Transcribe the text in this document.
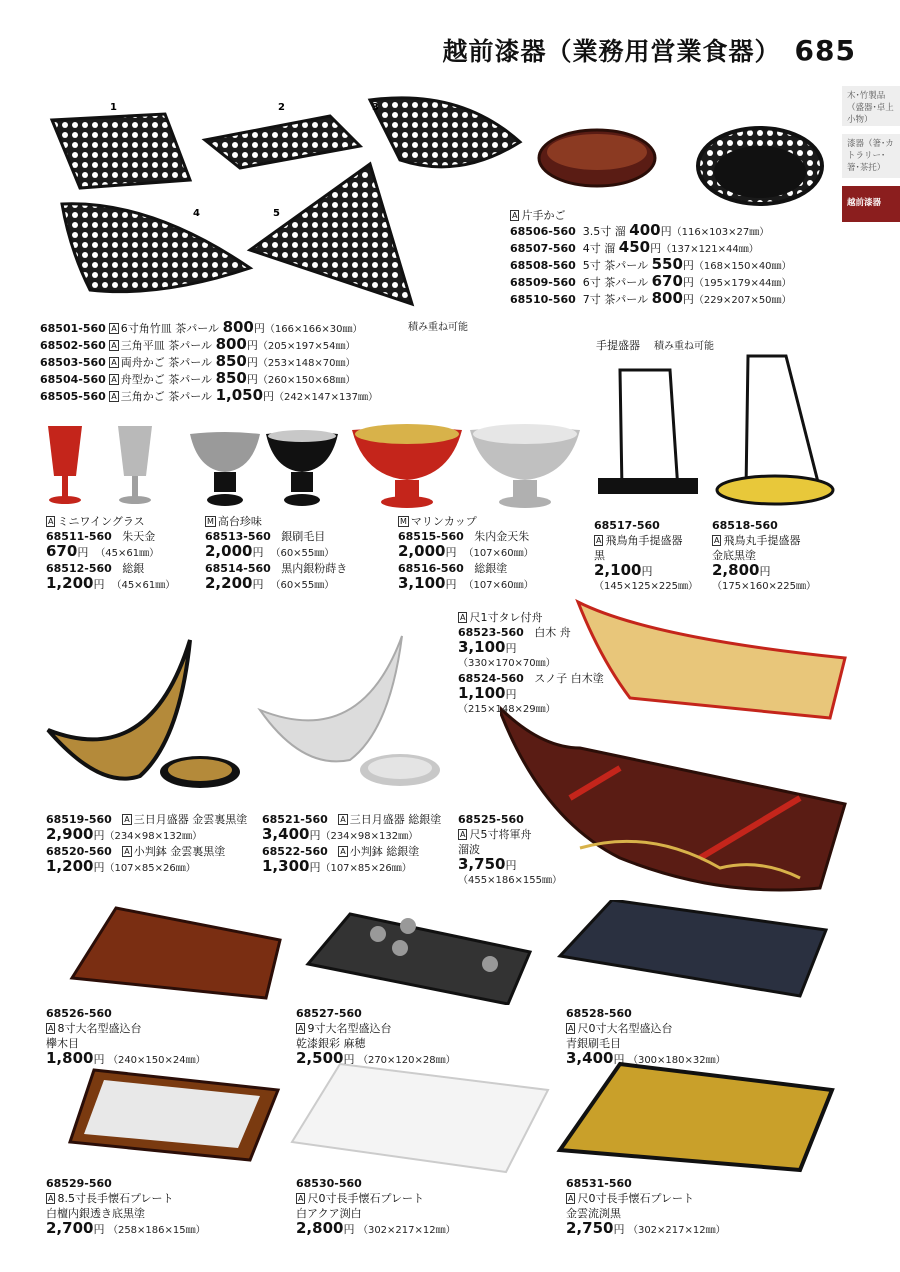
越前漆器（業務用営業食器） 685
木･竹製品（盛器･卓上小物）
漆器（箸･カトラリー･箸･茶托）
越前漆器
1	2	3
4	5
積み重ね可能
68501-560 A 6寸角竹皿 茶パール 800円（166×166×30㎜）
68502-560 A 三角平皿 茶パール 800円（205×197×54㎜）
68503-560 A 両舟かご 茶パール 850円（253×148×70㎜）
68504-560 A 舟型かご 茶パール 850円（260×150×68㎜）
68505-560 A 三角かご 茶パール 1,050円（242×147×137㎜）
A 片手かご
68506-560 3.5寸 溜 400円（116×103×27㎜）
68507-560 4寸 溜 450円（137×121×44㎜）
68508-560 5寸 茶パール 550円（168×150×40㎜）
68509-560 6寸 茶パール 670円（195×179×44㎜）
68510-560 7寸 茶パール 800円（229×207×50㎜）
手提盛器 積み重ね可能
A ミニワイングラス
68511-560 朱天金
670円 （45×61㎜）
68512-560 総銀
1,200円 （45×61㎜）
M 高台珍味
68513-560 銀刷毛目
2,000円 （60×55㎜）
68514-560 黒内銀粉蒔き
2,200円 （60×55㎜）
M マリンカップ
68515-560 朱内金天朱
2,000円 （107×60㎜）
68516-560 総銀塗
3,100円 （107×60㎜）
68517-560
A 飛鳥角手提盛器
黒
2,100円
（145×125×225㎜）
68518-560
A 飛鳥丸手提盛器
金底黒塗
2,800円
（175×160×225㎜）
A 尺1寸タレ付舟
68523-560 白木 舟
3,100円
（330×170×70㎜）
68524-560 スノ子 白木塗
1,100円
（215×148×29㎜）
68519-560 A 三日月盛器 金雲裏黒塗
2,900円（234×98×132㎜）
68520-560 A 小判鉢 金雲裏黒塗
1,200円（107×85×26㎜）
68521-560 A 三日月盛器 総銀塗
3,400円（234×98×132㎜）
68522-560 A 小判鉢 総銀塗
1,300円（107×85×26㎜）
68525-560
A 尺5寸将軍舟
溜波
3,750円
（455×186×155㎜）
68526-560
A 8寸大名型盛込台
欅木目
1,800円 （240×150×24㎜）
68527-560
A 9寸大名型盛込台
乾漆銀彩 麻穂
2,500円 （270×120×28㎜）
68528-560
A 尺0寸大名型盛込台
青銀刷毛目
3,400円 （300×180×32㎜）
68529-560
A 8.5寸長手懐石プレート
白檀内銀透き底黒塗
2,700円 （258×186×15㎜）
68530-560
A 尺0寸長手懐石プレート
白アクア渕白
2,800円 （302×217×12㎜）
68531-560
A 尺0寸長手懐石プレート
金雲流渕黒
2,750円 （302×217×12㎜）
